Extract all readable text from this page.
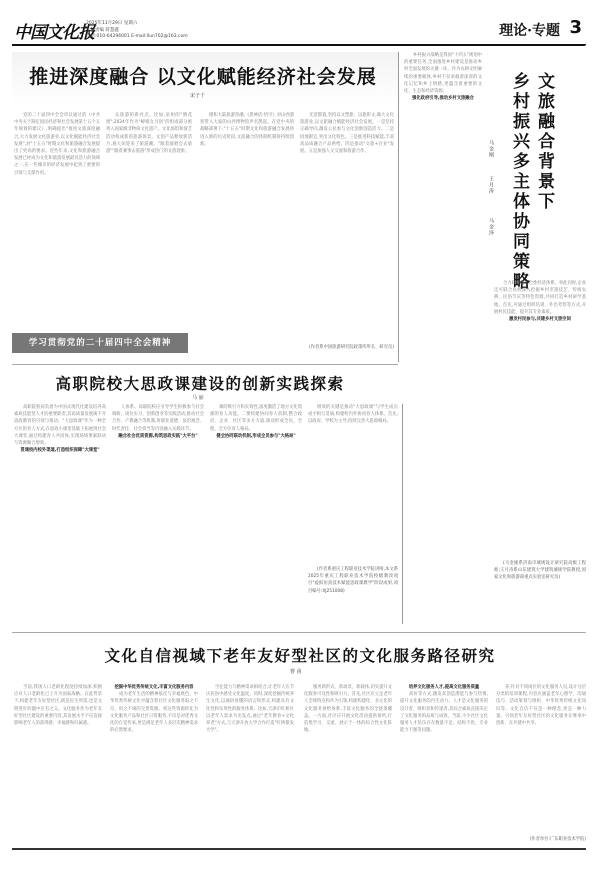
中国文化报
2025年11月29日 星期六
本版责编 蒋慧鑫
电话:010-64294001 E-mail:llun702@163.com	理论·专题 3
推进深度融合 以文化赋能经济社会发展
宋子千

党的二十届四中全会审议通过的《中共中央关于制定国民经济和社会发展第十五个五年规划的建议》,明确提出"推进文旅深度融合,大力发展文化旅游业,以文化赋能经济社会发展",对"十五五"时期文化和旅游融合发展提出了更高的要求。近些年来,文化和旅游融合发展已经成为文化和旅游发展最具活力的领域之一,在一些城市的经济发展中起到了重要的引领与支撑作用。

众旅游的新亮点。比如,泉州的"簪花围",2024年作为"蟳埔女习俗"的组成部分被列入国家级非物质文化遗产。文化场馆和演艺活动构成新的旅游场景。文创产品释放新活力,观大田迎来了旅游潮。"跟着演唱会去旅游""跟着赛事去旅游"形成热门的文旅现象。

德和大陆旅游热潮,《黑神话:悟空》对山西游客带入大家的山西博物馆声名鹊起。在党中央的战略部署下,"十五五"时期文化和旅游融合发展将进入新的历史阶段,文旅融合的体制机制将持续创新。

光景都置,坚持以文塑旅、以旅彰文,做大文化旅游业,以文旅融合赋能经济社会发展。一是坚持正确导向,激发公民参与文化创新创造活力。二是因地制宜,突出文化特色。三是推进科技赋能,丰富高品质融合产品供给。四是推动"文旅+百业"发展。五是加强人文交流和旅游合作。

(作者系中国旅游研究院政策所所长、研究员)

学习贯彻党的二十届四中全会精神

乡村振兴战略是我国"十四五"规划中的重要任务,全面推进乡村建设是推动乡村全面发展的关键一环。作为农耕文明赓续的重要载体,乡村不仅承载着深厚的文化记忆和乡土情感,更蕴含着重要的文化、生态和经济资源。

强化政府引导,推动乡村文旅融合	文旅融合背景下
乡村振兴多主体协同策略
马金刚
王月涛
马金泽

合力转变的综合性经济体系。举此同时,企业还可联合高校深入挖掘乡村非遗技艺、传统农耕、民俗节庆等特色资源,共同打造乡村研学基地。首先,可通过组织培训、外出考察等方式,开展村民技能、提升其专业素质。

激发村民参与,共建乡村文旅空间

(马金刚系济南市城规设计研究院高级工程师;王月涛系山东建筑大学建筑城规学院教授,国家文化和旅游部重点实验室研究员)

高职院校大思政课建设的创新实践探索
马 丽

高职院校肩负着为中国式现代化建设培养高素质技能型人才的重要职责,其高质量发展离不开思政教育的引领与推动。"大思政课"作为一种全方位的育人方式,在思政小课堂基础上拓展到社会大课堂,通过构建育人共同体,实现场域要素联动与资源聚合增效。

贯通校内校外渠道,打造组织保障"大课堂"

人体系。高职院校应引导学生积极参与社会调研、岗位实习、创新创业等实践活动,推动社会合作、产教融合等机制,将职业道德、法治观念、时代责任、社会担当等内容融入实践环节。

融合社会优质资源,构筑思政实践"大平台"

课的吸引力和实效性,深度激活了地方文化资源的育人功能。二要构建协同育人机制,整合政府、企业、社区等多方力量,推动形成全员、全程、全方位育人格局。

健全协同联动机制,形成全员参与"大格局"

增效的关键是推动"大思政课"与学生成长成才相互贯通,构建校内外协同育人体系。首先,以政府、学校为主导,持续完善大思政格局。

(作者系重庆工程职业技术学院讲师,本文系2025年重庆工程职业技术学院校级教改项目"虚拟仿真技术赋能思政课教学"阶段成果,项目编号:XJ251008)

文化自信视域下老年友好型社区的文化服务路径研究
曹 茵

当前,我国人口老龄化程度持续加深,积极应对人口老龄化已上升为国家战略。在此背景下,构建老年友好型社区,既是民生所需,也是文明进步的题中应有之义。文化服务作为老年友好型社区建设的重要内容,其发展水平不仅直接影响老年人的获得感、幸福感和归属感。

挖掘中华优秀传统文化,丰富文化服务内容

成为老年生活的精神依托与幸福底色。中华优秀传统文化中蕴含着社区文化服务取之不尽、用之不竭的宝贵资源。将这些资源转化为文化服务产品和社区日常服务,不仅是对优秀文化的自觉传承,更是满足老年人多层次精神需求的必然要求。

空往能力与精神需求相结合,让老年人在节庆民俗中感受文化温度。同时,深度挖掘传统养生文化,以通俗易懂的语言和形式,构建具有文化性和实用性的服务体系。比如,天津市红桥区以老年人需求为出发点,通过"老年教育+文化养老"方式,与天津开放大学合作打造"红桥银发大学"。

服务新形式、新场景、新载体,切实提升文化服务可及性和吸引力。首先,社区应立足老年人全域特点和作为引领,构建构建化、多元化的文化服务供给体系,丰富文化服务的全链条覆盖。一方面,社区应开展文化活动提供场所,打造集学习、交流、展示于一体的综合性文化阵地。

培养文化服务人才,提高文化服务质量

高价等方式,激发其创造潜能与参与热情,提升文化服务的内生动力。人才是文化服务的设计者、组织者和传递者,其综合素质直接决定了文化服务的品质与成效。当前,不少社区文化服务人才队伍存在数量不足、结构不优、专业能力不强等问题。

养,针对不同岗位的文化服务人员,设计分层分类的培训课程,内容应涵盖老年心理学、沟通技巧、活动策划与组织、中华优秀传统文化知识等。文化自信不仅是一种理念,更是一种力量。引领老年友好型社区的文化服务在继承中创新、在共建中共享。

(作者单位:广东职业技术学院)
